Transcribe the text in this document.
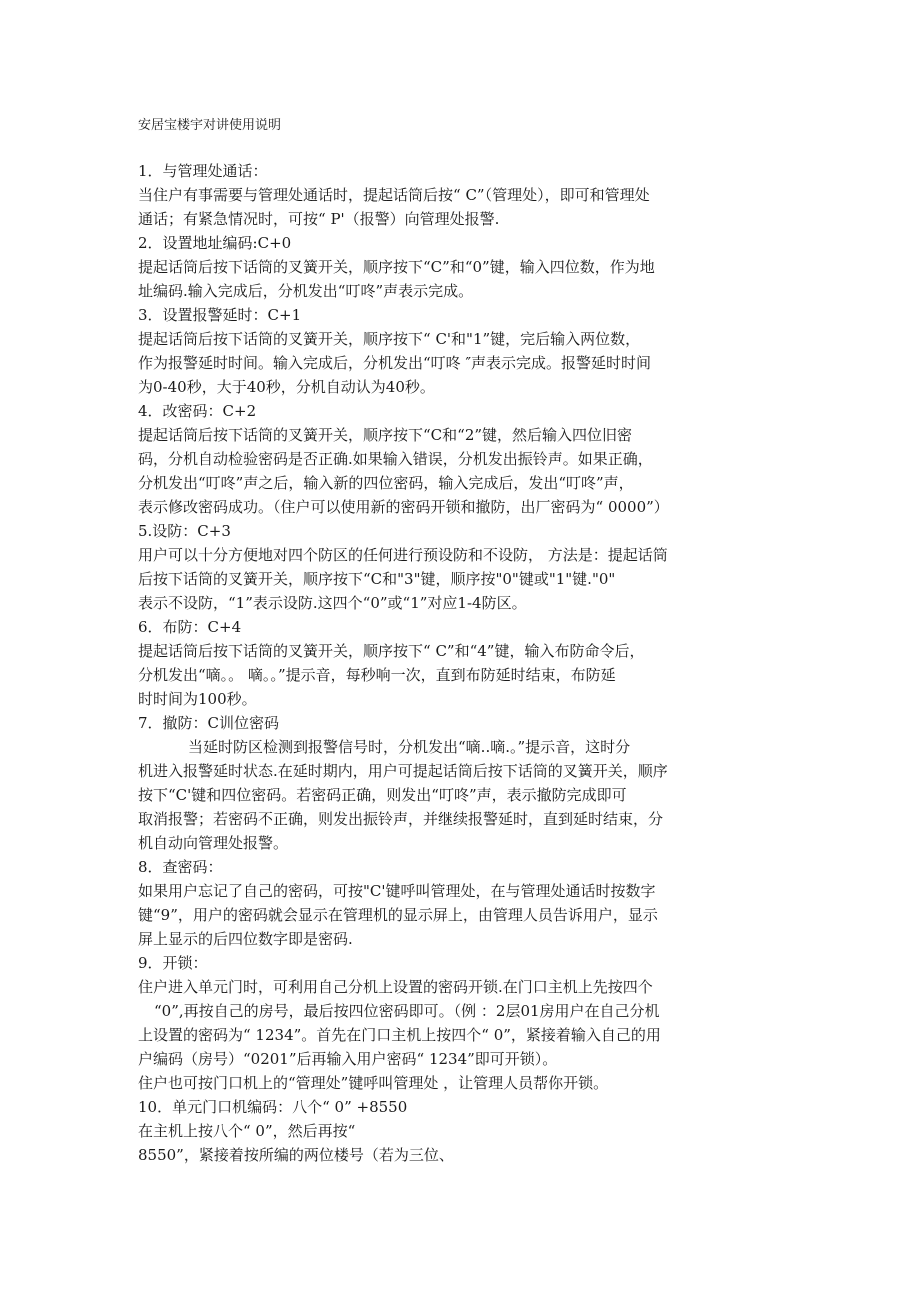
安居宝楼宇对讲使用说明
1．与管理处通话：
当住户有事需要与管理处通话时，提起话筒后按“ C”（管理处），即可和管理处
通话；有紧急情况时，可按“ P'（报警）向管理处报警.
2．设置地址编码:C+0
提起话筒后按下话筒的叉簧开关，顺序按下“C”和“0”键，输入四位数，作为地
址编码.输入完成后，分机发出“叮咚”声表示完成。
3．设置报警延时：C+1
提起话筒后按下话筒的叉簧开关，顺序按下“ C'和"1”键，完后输入两位数，
作为报警延时时间。输入完成后，分机发出“叮咚 ″声表示完成。报警延时时间
为0-40秒，大于40秒，分机自动认为40秒。
4．改密码：C+2
提起话筒后按下话筒的叉簧开关，顺序按下“C和“2”键，然后输入四位旧密
码，分机自动检验密码是否正确.如果输入错误，分机发出振铃声。如果正确，
分机发出“叮咚”声之后，输入新的四位密码，输入完成后，发出“叮咚”声，
表示修改密码成功。（住户可以使用新的密码开锁和撤防，出厂密码为“ 0000”）
5.设防：C+3
用户可以十分方便地对四个防区的任何进行预设防和不设防， 方法是：提起话筒
后按下话筒的叉簧开关，顺序按下“C和"3"键，顺序按"0"键或"1"键."0"
表示不设防，“1”表示设防.这四个“0”或“1”对应1-4防区。
6．布防：C+4
提起话筒后按下话筒的叉簧开关，顺序按下“ C”和“4”键，输入布防命令后，
分机发出“嘀。。 嘀。。”提示音，每秒响一次，直到布防延时结束，布防延
时时间为100秒。
7．撤防：C训位密码
当延时防区检测到报警信号时，分机发出“嘀..嘀.。”提示音，这时分
机进入报警延时状态.在延时期内，用户可提起话筒后按下话筒的叉簧开关，顺序
按下“C'键和四位密码。若密码正确，则发出“叮咚”声，表示撤防完成即可
取消报警；若密码不正确，则发出振铃声，并继续报警延时，直到延时结束，分
机自动向管理处报警。
8．查密码：
如果用户忘记了自己的密码，可按"C'键呼叫管理处，在与管理处通话时按数字
键“9”，用户的密码就会显示在管理机的显示屏上，由管理人员告诉用户，显示
屏上显示的后四位数字即是密码.
9．开锁：
住户进入单元门时，可利用自己分机上设置的密码开锁.在门口主机上先按四个
“0”,再按自己的房号，最后按四位密码即可。（例 ：2层01房用户在自己分机
上设置的密码为“ 1234”。首先在门口主机上按四个“ 0”，紧接着输入自己的用
户编码（房号）“0201”后再输入用户密码“ 1234”即可开锁）。
住户也可按门口机上的“管理处”键呼叫管理处 ，让管理人员帮你开锁。
10．单元门口机编码：八个“ 0” +8550
在主机上按八个“ 0”，然后再按“
8550”，紧接着按所编的两位楼号（若为三位、
